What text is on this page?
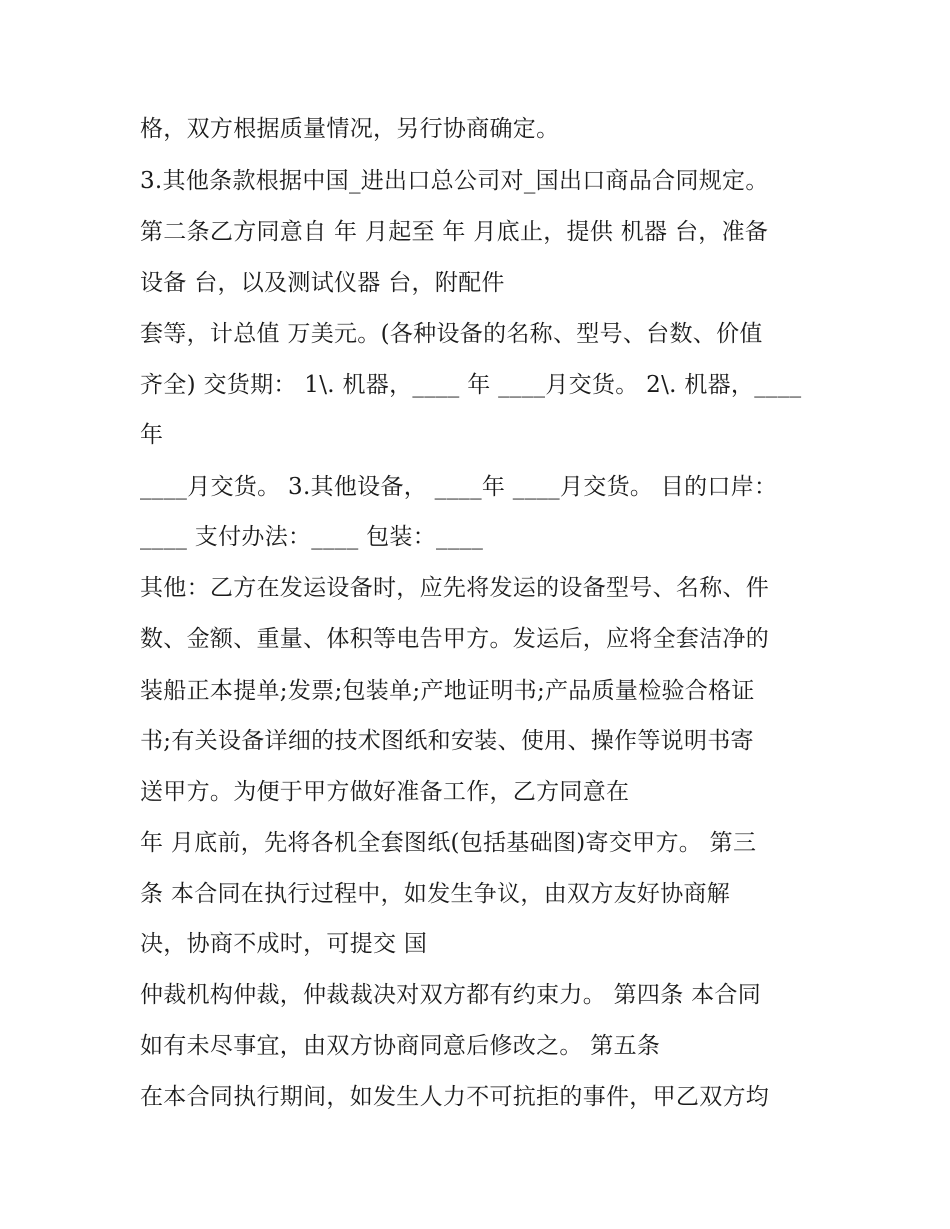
格，双方根据质量情况，另行协商确定。
3.其他条款根据中国_进出口总公司对_国出口商品合同规定。
第二条乙方同意自 年 月起至 年 月底止，提供 机器 台，准备
设备 台，以及测试仪器 台，附配件
套等，计总值 万美元。(各种设备的名称、型号、台数、价值
齐全) 交货期： 1\. 机器，____ 年 ____月交货。 2\. 机器，____
年
____月交货。 3.其他设备， ____年 ____月交货。 目的口岸：
____ 支付办法：____ 包装：____
其他：乙方在发运设备时，应先将发运的设备型号、名称、件
数、金额、重量、体积等电告甲方。发运后，应将全套洁净的
装船正本提单;发票;包装单;产地证明书;产品质量检验合格证
书;有关设备详细的技术图纸和安装、使用、操作等说明书寄
送甲方。为便于甲方做好准备工作，乙方同意在
年 月底前，先将各机全套图纸(包括基础图)寄交甲方。 第三
条 本合同在执行过程中，如发生争议，由双方友好协商解
决，协商不成时，可提交 国
仲裁机构仲裁，仲裁裁决对双方都有约束力。 第四条 本合同
如有未尽事宜，由双方协商同意后修改之。 第五条
在本合同执行期间，如发生人力不可抗拒的事件，甲乙双方均
